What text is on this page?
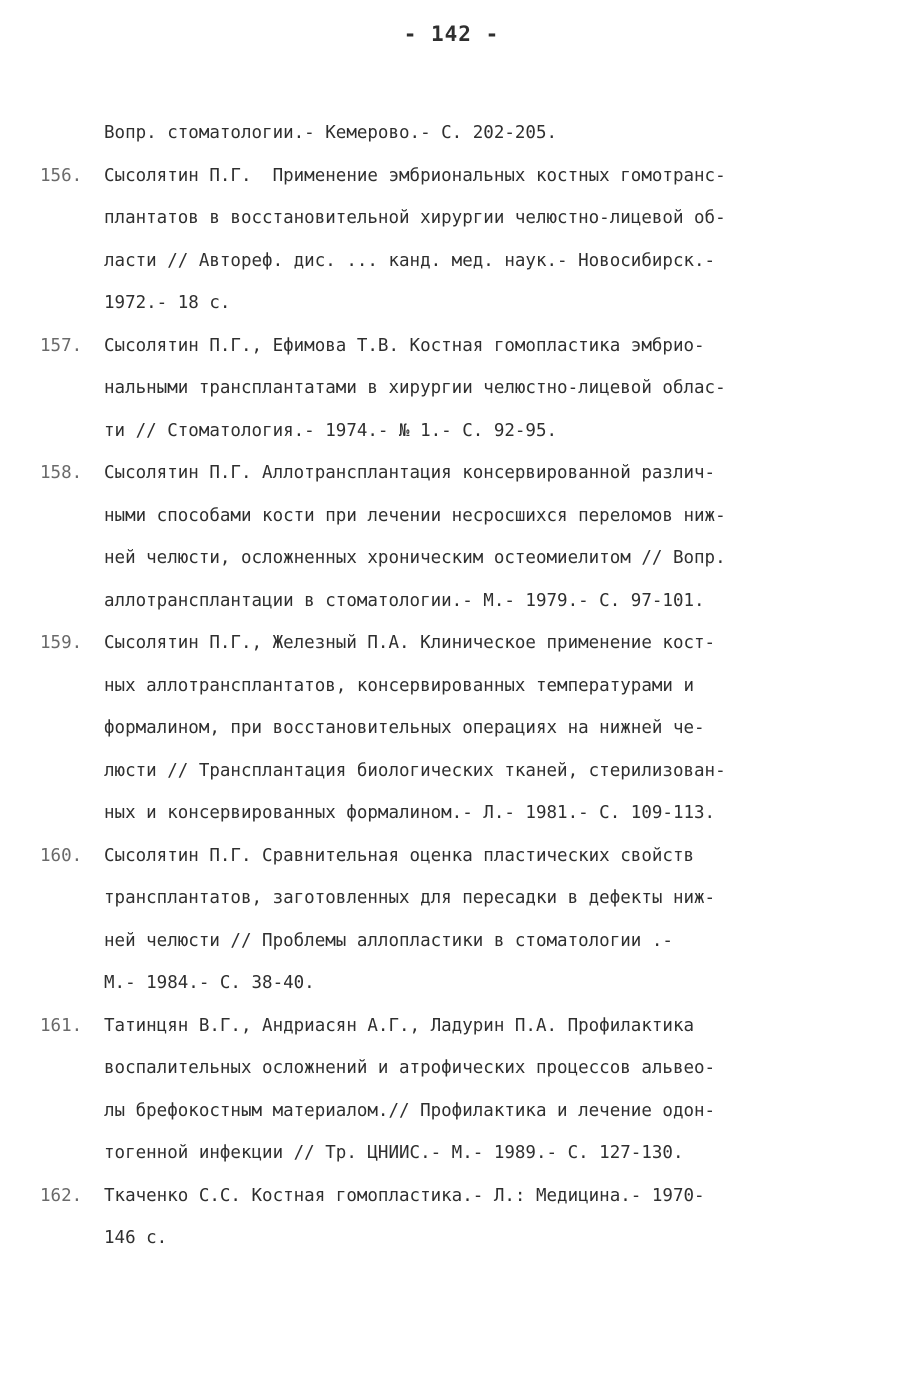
- 142 -
Вопр. стоматологии.- Кемерово.- С. 202-205.
156.	Сысолятин П.Г.  Применение эмбриональных костных гомотранс-
плантатов в восстановительной хирургии челюстно-лицевой об-
ласти // Автореф. дис. ... канд. мед. наук.- Новосибирск.-
1972.- 18 с.
157.	Сысолятин П.Г., Ефимова Т.В. Костная гомопластика эмбрио-
нальными трансплантатами в хирургии челюстно-лицевой облас-
ти // Стоматология.- 1974.- № 1.- С. 92-95.
158.	Сысолятин П.Г. Аллотрансплантация консервированной различ-
ными способами кости при лечении несросшихся переломов ниж-
ней челюсти, осложненных хроническим остеомиелитом // Вопр.
аллотрансплантации в стоматологии.- М.- 1979.- С. 97-101.
159.	Сысолятин П.Г., Железный П.А. Клиническое применение кост-
ных аллотрансплантатов, консервированных температурами и
формалином, при восстановительных операциях на нижней че-
люсти // Трансплантация биологических тканей, стерилизован-
ных и консервированных формалином.- Л.- 1981.- С. 109-113.
160.	Сысолятин П.Г. Сравнительная оценка пластических свойств
трансплантатов, заготовленных для пересадки в дефекты ниж-
ней челюсти // Проблемы аллопластики в стоматологии .-
М.- 1984.- С. 38-40.
161.	Татинцян В.Г., Андриасян А.Г., Ладурин П.А. Профилактика
воспалительных осложнений и атрофических процессов альвео-
лы брефокостным материалом.// Профилактика и лечение одон-
тогенной инфекции // Тр. ЦНИИС.- М.- 1989.- С. 127-130.
162.	Ткаченко С.С. Костная гомопластика.- Л.: Медицина.- 1970-
146 с.
